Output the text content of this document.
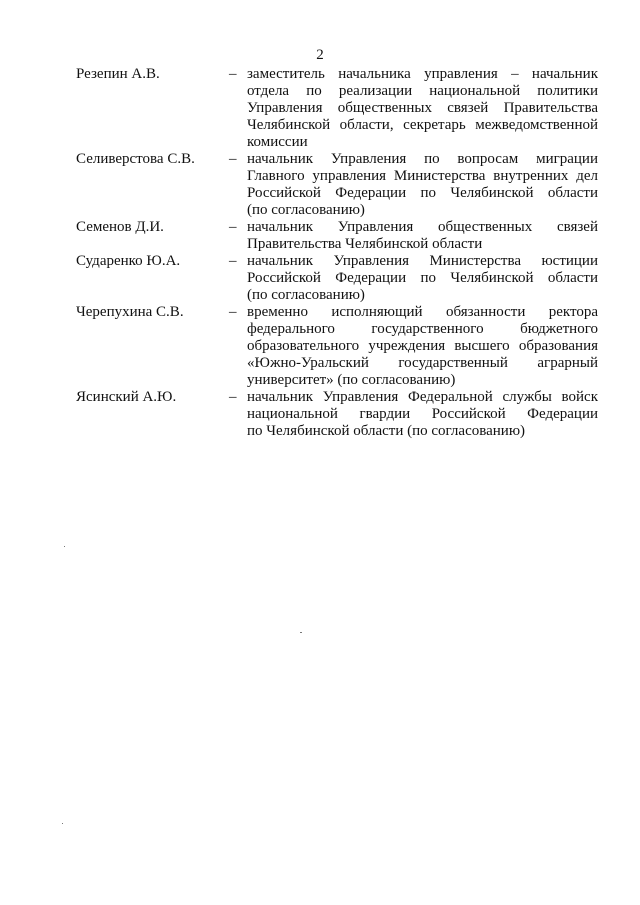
2
Резепин А.В.	– заместитель начальника управления – начальник
отдела по реализации национальной политики
Управления общественных связей Правительства
Челябинской области, секретарь межведомственной
комиссии
Селиверстова С.В. – начальник Управления по вопросам миграции
Главного управления Министерства внутренних дел
Российской Федерации по Челябинской области
(по согласованию)
Семенов Д.И.	– начальник Управления общественных связей
Правительства Челябинской области
Сударенко Ю.А.	– начальник Управления Министерства юстиции
Российской Федерации по Челябинской области
(по согласованию)
Черепухина С.В.	– временно исполняющий обязанности ректора
федерального государственного бюджетного
образовательного учреждения высшего образования
«Южно-Уральский государственный аграрный
университет» (по согласованию)
Ясинский А.Ю.	– начальник Управления Федеральной службы войск
национальной гвардии Российской Федерации
по Челябинской области (по согласованию)
